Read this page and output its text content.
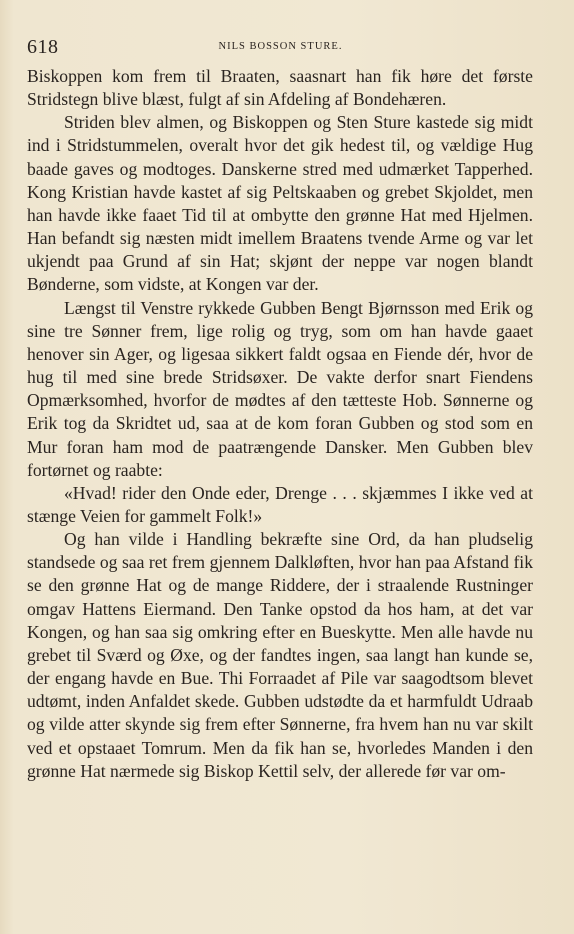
618	NILS BOSSON STURE.

Biskoppen kom frem til Braaten, saasnart han fik høre det første Stridstegn blive blæst, fulgt af sin Afdeling af Bondehæren.

Striden blev almen, og Biskoppen og Sten Sture kastede sig midt ind i Stridstummelen, overalt hvor det gik hedest til, og vældige Hug baade gaves og modtoges. Danskerne stred med udmærket Tapperhed. Kong Kristian havde kastet af sig Peltskaaben og grebet Skjoldet, men han havde ikke faaet Tid til at ombytte den grønne Hat med Hjelmen. Han befandt sig næsten midt imellem Braatens tvende Arme og var let ukjendt paa Grund af sin Hat; skjønt der neppe var nogen blandt Bønderne, som vidste, at Kongen var der.

Længst til Venstre rykkede Gubben Bengt Bjørnsson med Erik og sine tre Sønner frem, lige rolig og tryg, som om han havde gaaet henover sin Ager, og ligesaa sikkert faldt ogsaa en Fiende dér, hvor de hug til med sine brede Stridsøxer. De vakte derfor snart Fiendens Opmærksomhed, hvorfor de mødtes af den tætteste Hob. Sønnerne og Erik tog da Skridtet ud, saa at de kom foran Gubben og stod som en Mur foran ham mod de paatrængende Dansker. Men Gubben blev fortørnet og raabte:

«Hvad! rider den Onde eder, Drenge . . . skjæmmes I ikke ved at stænge Veien for gammelt Folk!»

Og han vilde i Handling bekræfte sine Ord, da han pludselig standsede og saa ret frem gjennem Dalkløften, hvor han paa Afstand fik se den grønne Hat og de mange Riddere, der i straalende Rustninger omgav Hattens Eiermand. Den Tanke opstod da hos ham, at det var Kongen, og han saa sig omkring efter en Bueskytte. Men alle havde nu grebet til Sværd og Øxe, og der fandtes ingen, saa langt han kunde se, der engang havde en Bue. Thi Forraadet af Pile var saagodtsom blevet udtømt, inden Anfaldet skede. Gubben udstødte da et harmfuldt Udraab og vilde atter skynde sig frem efter Sønnerne, fra hvem han nu var skilt ved et opstaaet Tomrum. Men da fik han se, hvorledes Manden i den grønne Hat nærmede sig Biskop Kettil selv, der allerede før var om-
